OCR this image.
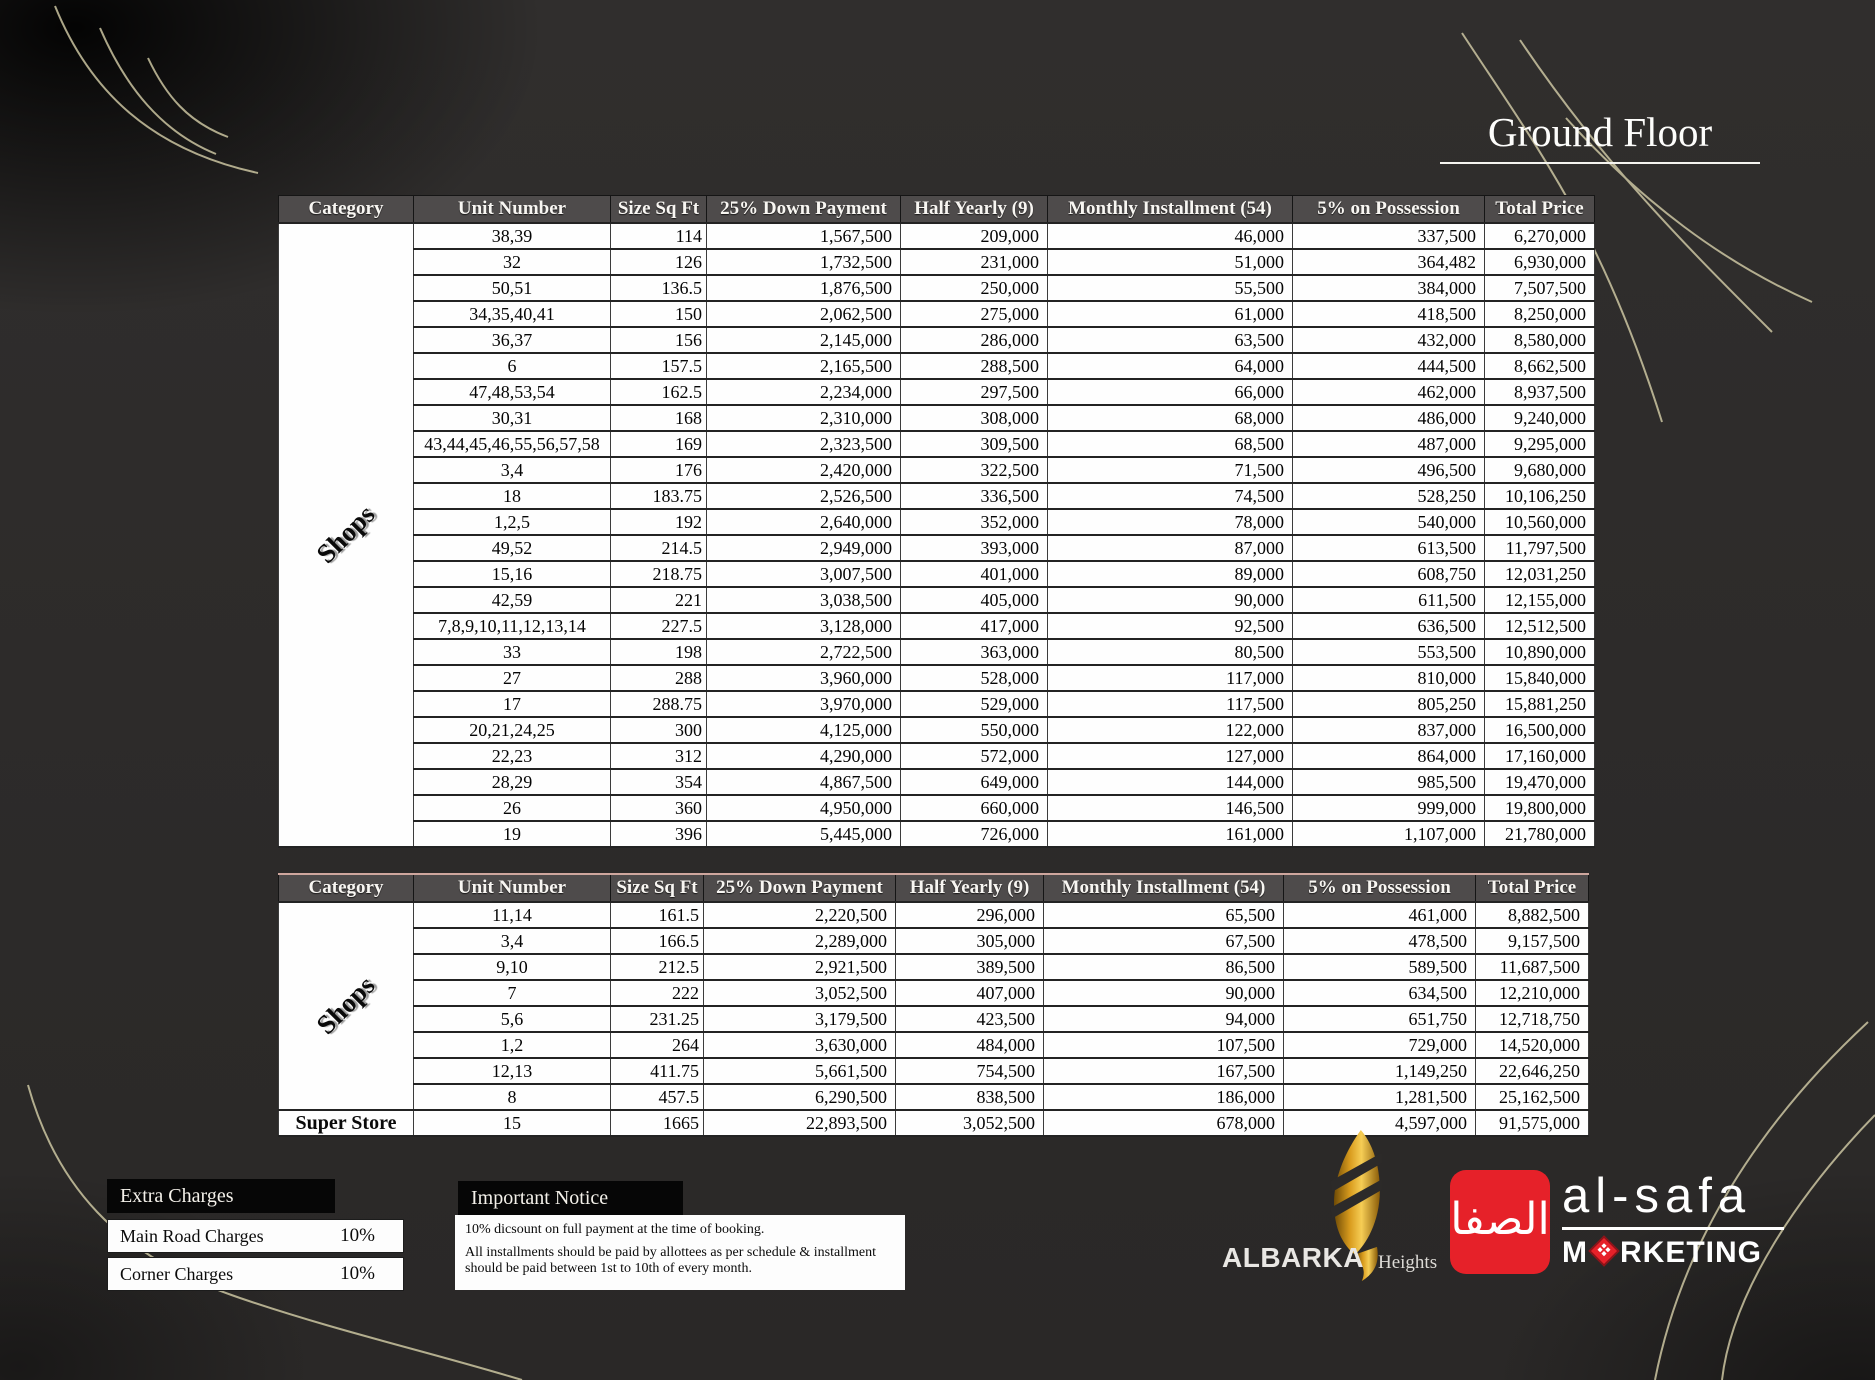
Ground Floor
Category	Unit Number	Size Sq Ft	25% Down Payment	Half Yearly (9)	Monthly Installment (54)	5% on Possession	Total Price
Shops	38,39	114	1,567,500	209,000	46,000	337,500	6,270,000
	32	126	1,732,500	231,000	51,000	364,482	6,930,000
	50,51	136.5	1,876,500	250,000	55,500	384,000	7,507,500
	34,35,40,41	150	2,062,500	275,000	61,000	418,500	8,250,000
	36,37	156	2,145,000	286,000	63,500	432,000	8,580,000
	6	157.5	2,165,500	288,500	64,000	444,500	8,662,500
	47,48,53,54	162.5	2,234,000	297,500	66,000	462,000	8,937,500
	30,31	168	2,310,000	308,000	68,000	486,000	9,240,000
	43,44,45,46,55,56,57,58	169	2,323,500	309,500	68,500	487,000	9,295,000
	3,4	176	2,420,000	322,500	71,500	496,500	9,680,000
	18	183.75	2,526,500	336,500	74,500	528,250	10,106,250
	1,2,5	192	2,640,000	352,000	78,000	540,000	10,560,000
	49,52	214.5	2,949,000	393,000	87,000	613,500	11,797,500
	15,16	218.75	3,007,500	401,000	89,000	608,750	12,031,250
	42,59	221	3,038,500	405,000	90,000	611,500	12,155,000
	7,8,9,10,11,12,13,14	227.5	3,128,000	417,000	92,500	636,500	12,512,500
	33	198	2,722,500	363,000	80,500	553,500	10,890,000
	27	288	3,960,000	528,000	117,000	810,000	15,840,000
	17	288.75	3,970,000	529,000	117,500	805,250	15,881,250
	20,21,24,25	300	4,125,000	550,000	122,000	837,000	16,500,000
	22,23	312	4,290,000	572,000	127,000	864,000	17,160,000
	28,29	354	4,867,500	649,000	144,000	985,500	19,470,000
	26	360	4,950,000	660,000	146,500	999,000	19,800,000
	19	396	5,445,000	726,000	161,000	1,107,000	21,780,000
Category	Unit Number	Size Sq Ft	25% Down Payment	Half Yearly (9)	Monthly Installment (54)	5% on Possession	Total Price
Shops	11,14	161.5	2,220,500	296,000	65,500	461,000	8,882,500
	3,4	166.5	2,289,000	305,000	67,500	478,500	9,157,500
	9,10	212.5	2,921,500	389,500	86,500	589,500	11,687,500
	7	222	3,052,500	407,000	90,000	634,500	12,210,000
	5,6	231.25	3,179,500	423,500	94,000	651,750	12,718,750
	1,2	264	3,630,000	484,000	107,500	729,000	14,520,000
	12,13	411.75	5,661,500	754,500	167,500	1,149,250	22,646,250
	8	457.5	6,290,500	838,500	186,000	1,281,500	25,162,500
Super Store	15	1665	22,893,500	3,052,500	678,000	4,597,000	91,575,000
Extra Charges
Main Road Charges	10%
Corner Charges	10%
Important Notice

10% dicsount on full payment at the time of booking.

All installments should be paid by allottees as per schedule & installment should be paid between 1st to 10th of every month.	ALBARKA Heights
الصفا al-safa
M RKETING
